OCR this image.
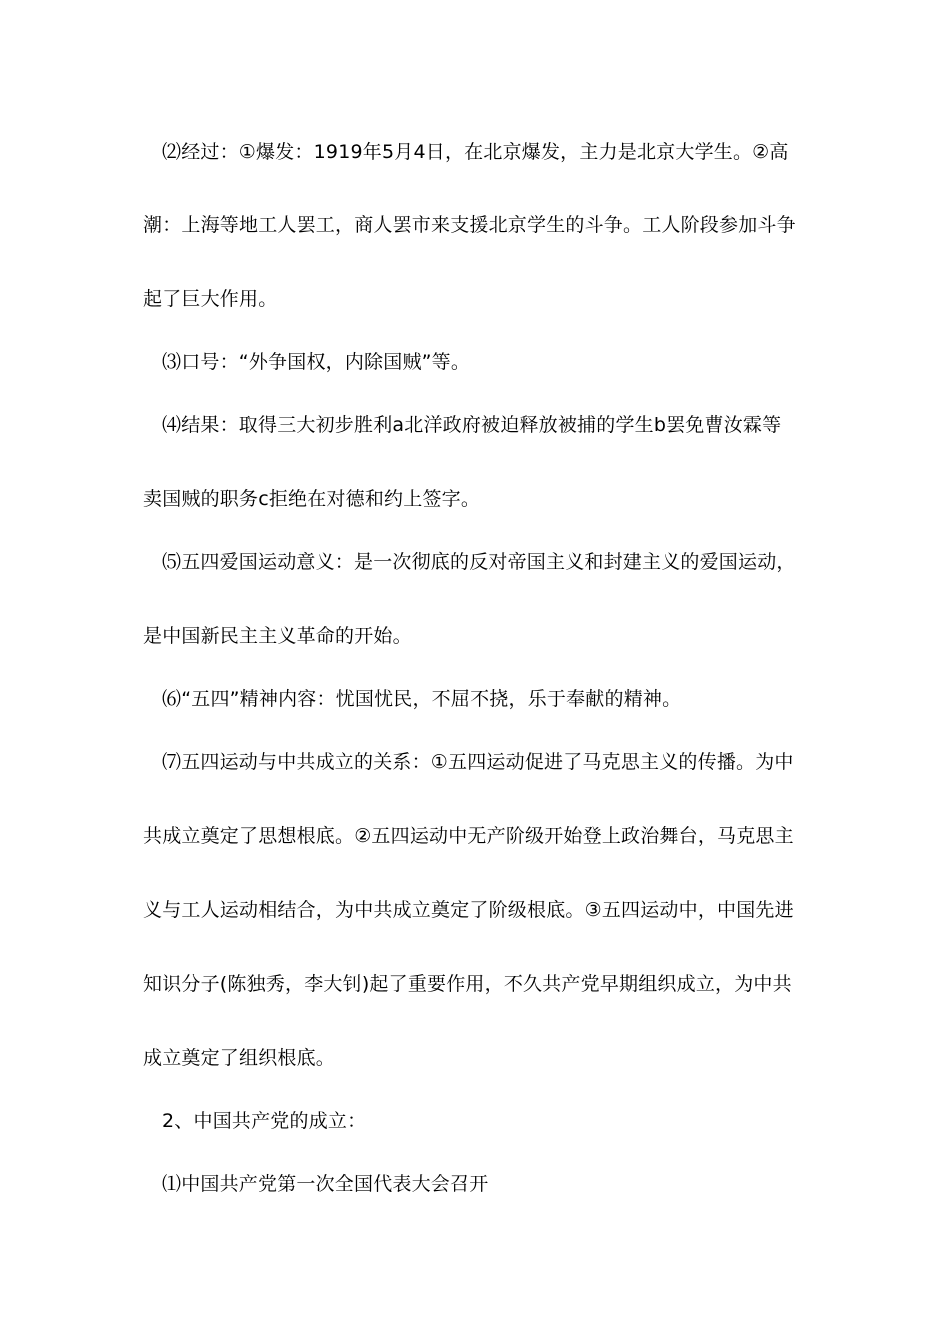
⑵经过：①爆发：1919年5月4日，在北京爆发，主力是北京大学生。②高
潮：上海等地工人罢工，商人罢市来支援北京学生的斗争。工人阶段参加斗争
起了巨大作用。
⑶口号：“外争国权，内除国贼”等。
⑷结果：取得三大初步胜利a北洋政府被迫释放被捕的学生b罢免曹汝霖等
卖国贼的职务c拒绝在对德和约上签字。
⑸五四爱国运动意义：是一次彻底的反对帝国主义和封建主义的爱国运动，
是中国新民主主义革命的开始。
⑹“五四”精神内容：忧国忧民，不屈不挠，乐于奉献的精神。
⑺五四运动与中共成立的关系：①五四运动促进了马克思主义的传播。为中
共成立奠定了思想根底。②五四运动中无产阶级开始登上政治舞台，马克思主
义与工人运动相结合，为中共成立奠定了阶级根底。③五四运动中，中国先进
知识分子(陈独秀，李大钊)起了重要作用，不久共产党早期组织成立，为中共
成立奠定了组织根底。
2、中国共产党的成立：
⑴中国共产党第一次全国代表大会召开
